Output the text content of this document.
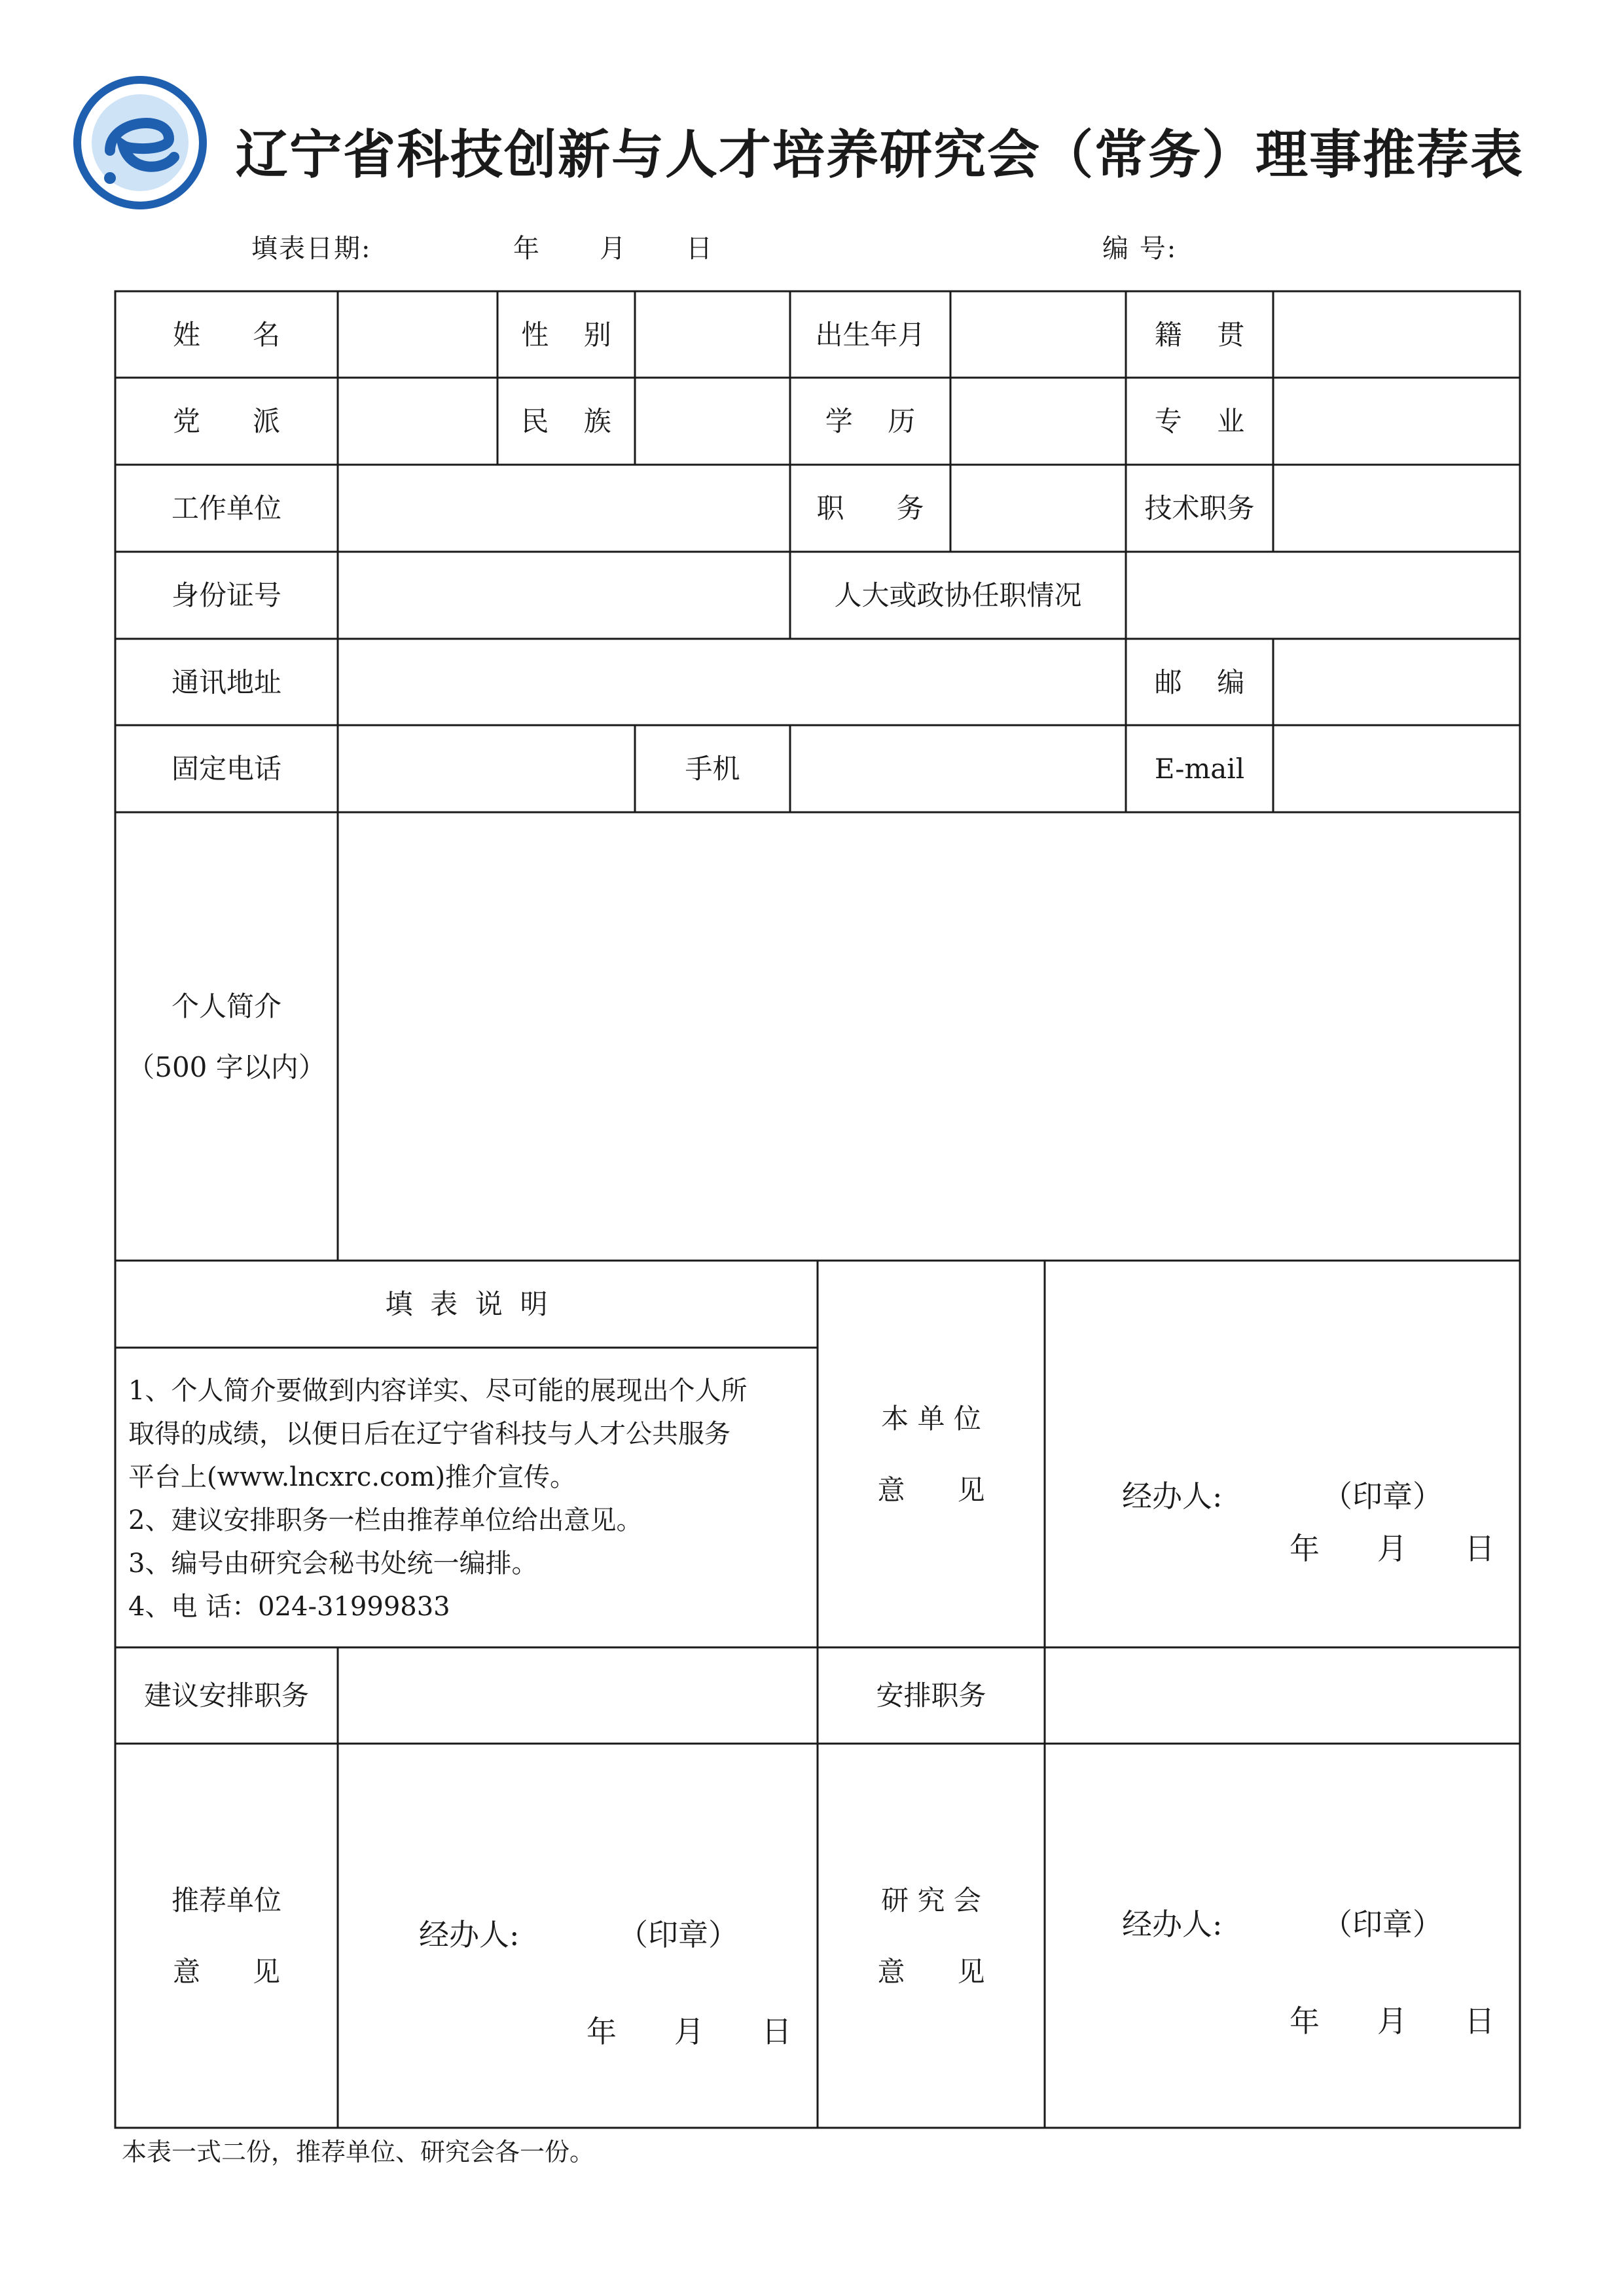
辽宁省科技创新与人才培养研究会（常务）理事推荐表
填表日期:	年 月 日	编 号:
姓      名	性    别	出生年月	籍    贯
党      派	民    族	学    历	专    业
工作单位	职      务	技术职务
身份证号	人大或政协任职情况
通讯地址	邮    编
固定电话	手机	E-mail
个人简介
（500 字以内）
填  表  说  明
1、个人简介要做到内容详实、尽可能的展现出个人所
取得的成绩，以便日后在辽宁省科技与人才公共服务
平台上(www.lncxrc.com)推介宣传。
2、建议安排职务一栏由推荐单位给出意见。
3、编号由研究会秘书处统一编排。
4、电 话：024-31999833
本 单 位
意      见	经办人:	（印章）
年      月      日
建议安排职务	安排职务
推荐单位
意      见
经办人:	（印章）
年      月      日
研 究 会
意      见
经办人:	（印章）
年      月      日
本表一式二份，推荐单位、研究会各一份。
